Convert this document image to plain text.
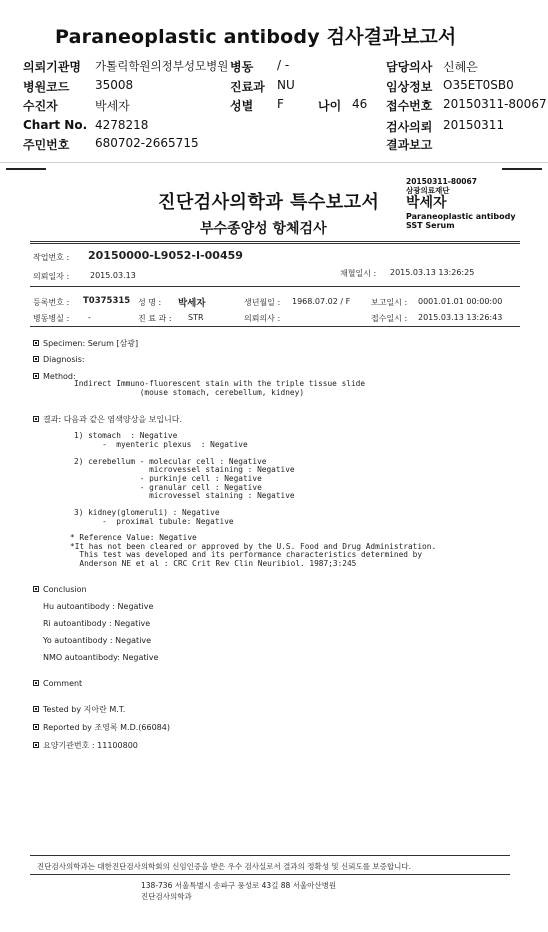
Paraneoplastic antibody 검사결과보고서
의뢰기관명 가톨릭학원의정부성모병원 병동 / -	담당의사 신혜은
병원코드 35008	진료과 NU	임상정보 O35ET0SB0
수진자	박세자	성별 F	나이 46 접수번호 20150311-80067
Chart No. 4278218	검사의뢰 20150311
주민번호 680702-2665715	결과보고
20150311-80067
삼광의료재단
박세자
Paraneoplastic antibody
SST Serum
진단검사의학과 특수보고서
부수종양성 항체검사
작업번호 : 20150000-L9052-I-00459
의뢰일자 :	2015.03.13	채혈일시 : 2015.03.13 13:26:25
등록번호 : T0375315 성 명 : 박세자	생년월일 : 1968.07.02 / F	보고일시 : 0001.01.01 00:00:00
병동병실 : -	진 료 과 : STR	의뢰의사 :	접수일시 : 2015.03.13 13:26:43
Specimen: Serum [삼광]
Diagnosis:
Method:
Indirect Immuno-fluorescent stain with the triple tissue slide
(mouse stomach, cerebellum, kidney)
결과: 다음과 같은 염색양상을 보입니다.
1) stomach  : Negative
-  myenteric plexus  : Negative

2) cerebellum - molecular cell : Negative
microvessel staining : Negative
- purkinje cell : Negative
- granular cell : Negative
microvessel staining : Negative

3) kidney(glomeruli) : Negative
-  proximal tubule: Negative
* Reference Value: Negative
*It has not been cleared or approved by the U.S. Food and Drug Administration.
This test was developed and its performance characteristics determined by
Anderson NE et al : CRC Crit Rev Clin Neuribiol. 1987;3:245
Conclusion
Hu autoantibody : Negative
Ri autoantibody : Negative
Yo autoantibody : Negative
NMO autoantibody: Negative
Comment
Tested by 지아란 M.T.
Reported by 조영록 M.D.(66084)
요양기관번호 : 11100800
진단검사의학과는 대한진단검사의학회의 신임인증을 받은 우수 검사실로서 결과의 정확성 및 신뢰도를 보증합니다.
138-736 서울특별시 송파구 풍성로 43길 88 서울아산병원
진단검사의학과
